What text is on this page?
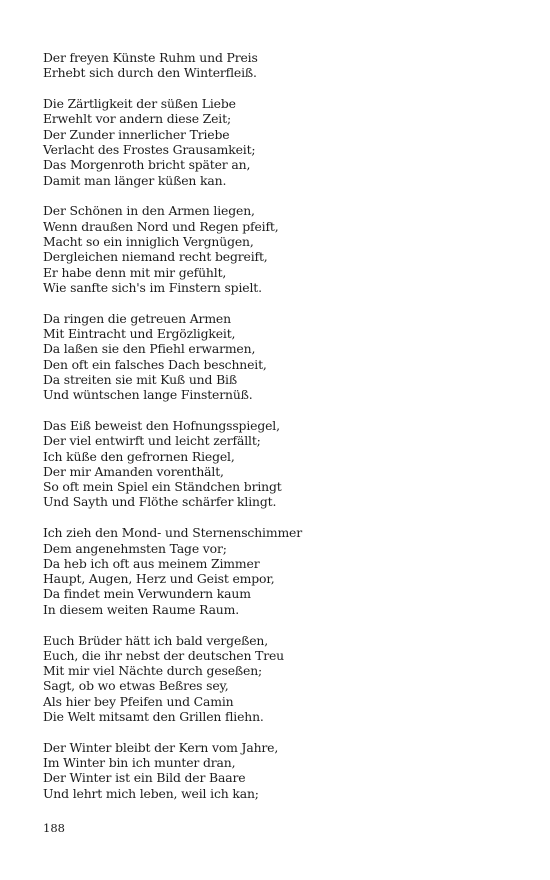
Der freyen Künste Ruhm und Preis
Erhebt sich durch den Winterfleiß.
Die Zärtligkeit der süßen Liebe
Erwehlt vor andern diese Zeit;
Der Zunder innerlicher Triebe
Verlacht des Frostes Grausamkeit;
Das Morgenroth bricht später an,
Damit man länger küßen kan.
Der Schönen in den Armen liegen,
Wenn draußen Nord und Regen pfeift,
Macht so ein inniglich Vergnügen,
Dergleichen niemand recht begreift,
Er habe denn mit mir gefühlt,
Wie sanfte sich's im Finstern spielt.
Da ringen die getreuen Armen
Mit Eintracht und Ergözligkeit,
Da laßen sie den Pfiehl erwarmen,
Den oft ein falsches Dach beschneit,
Da streiten sie mit Kuß und Biß
Und wüntschen lange Finsternüß.
Das Eiß beweist den Hofnungsspiegel,
Der viel entwirft und leicht zerfällt;
Ich küße den gefrornen Riegel,
Der mir Amanden vorenthält,
So oft mein Spiel ein Ständchen bringt
Und Sayth und Flöthe schärfer klingt.
Ich zieh den Mond- und Sternenschimmer
Dem angenehmsten Tage vor;
Da heb ich oft aus meinem Zimmer
Haupt, Augen, Herz und Geist empor,
Da findet mein Verwundern kaum
In diesem weiten Raume Raum.
Euch Brüder hätt ich bald vergeßen,
Euch, die ihr nebst der deutschen Treu
Mit mir viel Nächte durch geseßen;
Sagt, ob wo etwas Beßres sey,
Als hier bey Pfeifen und Camin
Die Welt mitsamt den Grillen fliehn.
Der Winter bleibt der Kern vom Jahre,
Im Winter bin ich munter dran,
Der Winter ist ein Bild der Baare
Und lehrt mich leben, weil ich kan;
188
